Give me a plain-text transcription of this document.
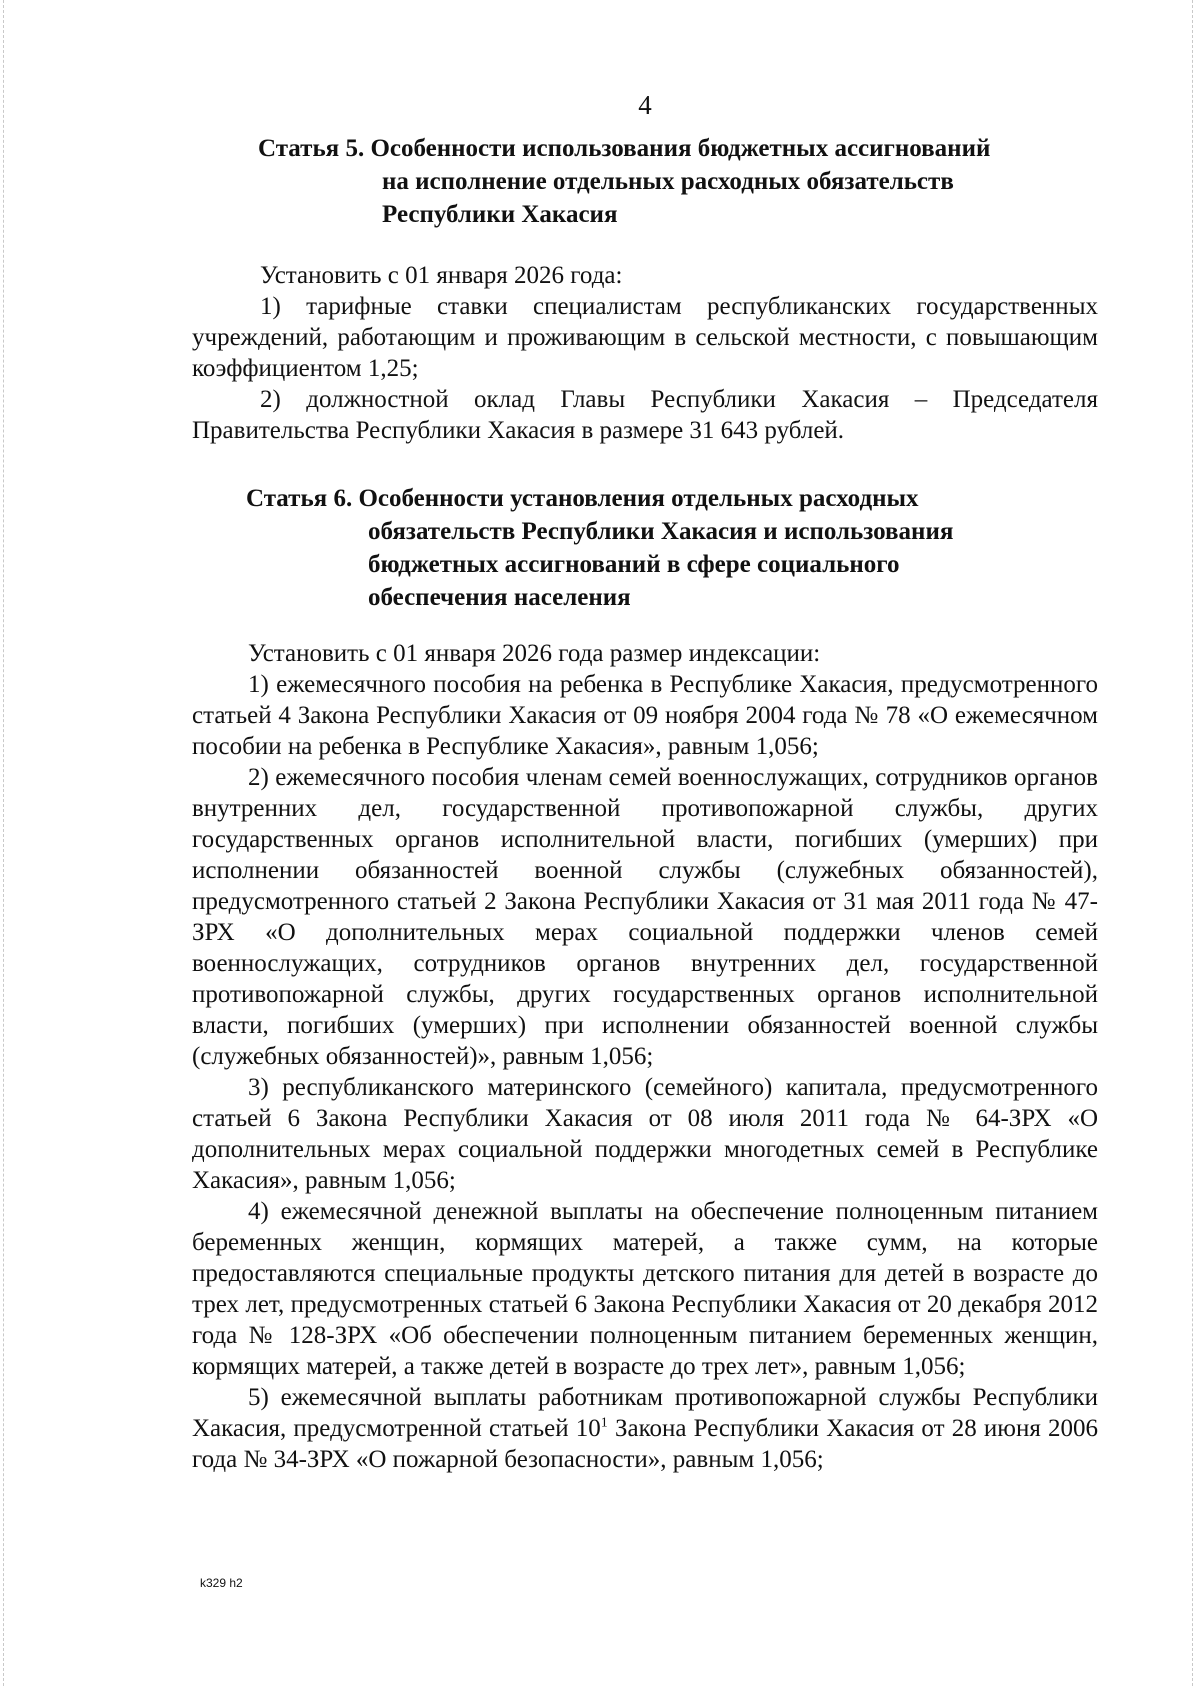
4
Статья 5. Особенности использования бюджетных ассигнований
на исполнение отдельных расходных обязательств
Республики Хакасия

Установить с 01 января 2026 года:

1) тарифные ставки специалистам республиканских государственных учреждений, работающим и проживающим в сельской местности, с повышающим коэффициентом 1,25;

2) должностной оклад Главы Республики Хакасия – Председателя Правительства Республики Хакасия в размере 31 643 рублей.

Статья 6. Особенности установления отдельных расходных
обязательств Республики Хакасия и использования
бюджетных ассигнований в сфере социального
обеспечения населения

Установить с 01 января 2026 года размер индексации:

1) ежемесячного пособия на ребенка в Республике Хакасия, предусмотренного статьей 4 Закона Республики Хакасия от 09 ноября 2004 года № 78 «О ежемесячном пособии на ребенка в Республике Хакасия», равным 1,056;

2) ежемесячного пособия членам семей военнослужащих, сотрудников органов внутренних дел, государственной противопожарной службы, других государственных органов исполнительной власти, погибших (умерших) при исполнении обязанностей военной службы (служебных обязанностей), предусмотренного статьей 2 Закона Республики Хакасия от 31 мая 2011 года № 47-ЗРХ «О дополнительных мерах социальной поддержки членов семей военнослужащих, сотрудников органов внутренних дел, государственной противопожарной службы, других государственных органов исполнительной власти, погибших (умерших) при исполнении обязанностей военной службы (служебных обязанностей)», равным 1,056;

3) республиканского материнского (семейного) капитала, предусмотренного статьей 6 Закона Республики Хакасия от 08 июля 2011 года № 64-ЗРХ «О дополнительных мерах социальной поддержки многодетных семей в Республике Хакасия», равным 1,056;

4) ежемесячной денежной выплаты на обеспечение полноценным питанием беременных женщин, кормящих матерей, а также сумм, на которые предоставляются специальные продукты детского питания для детей в возрасте до трех лет, предусмотренных статьей 6 Закона Республики Хакасия от 20 декабря 2012 года № 128-ЗРХ «Об обеспечении полноценным питанием беременных женщин, кормящих матерей, а также детей в возрасте до трех лет», равным 1,056;

5) ежемесячной выплаты работникам противопожарной службы Республики Хакасия, предусмотренной статьей $10^1$ Закона Республики Хакасия от 28 июня 2006 года № 34-ЗРХ «О пожарной безопасности», равным 1,056;

k329 h2
